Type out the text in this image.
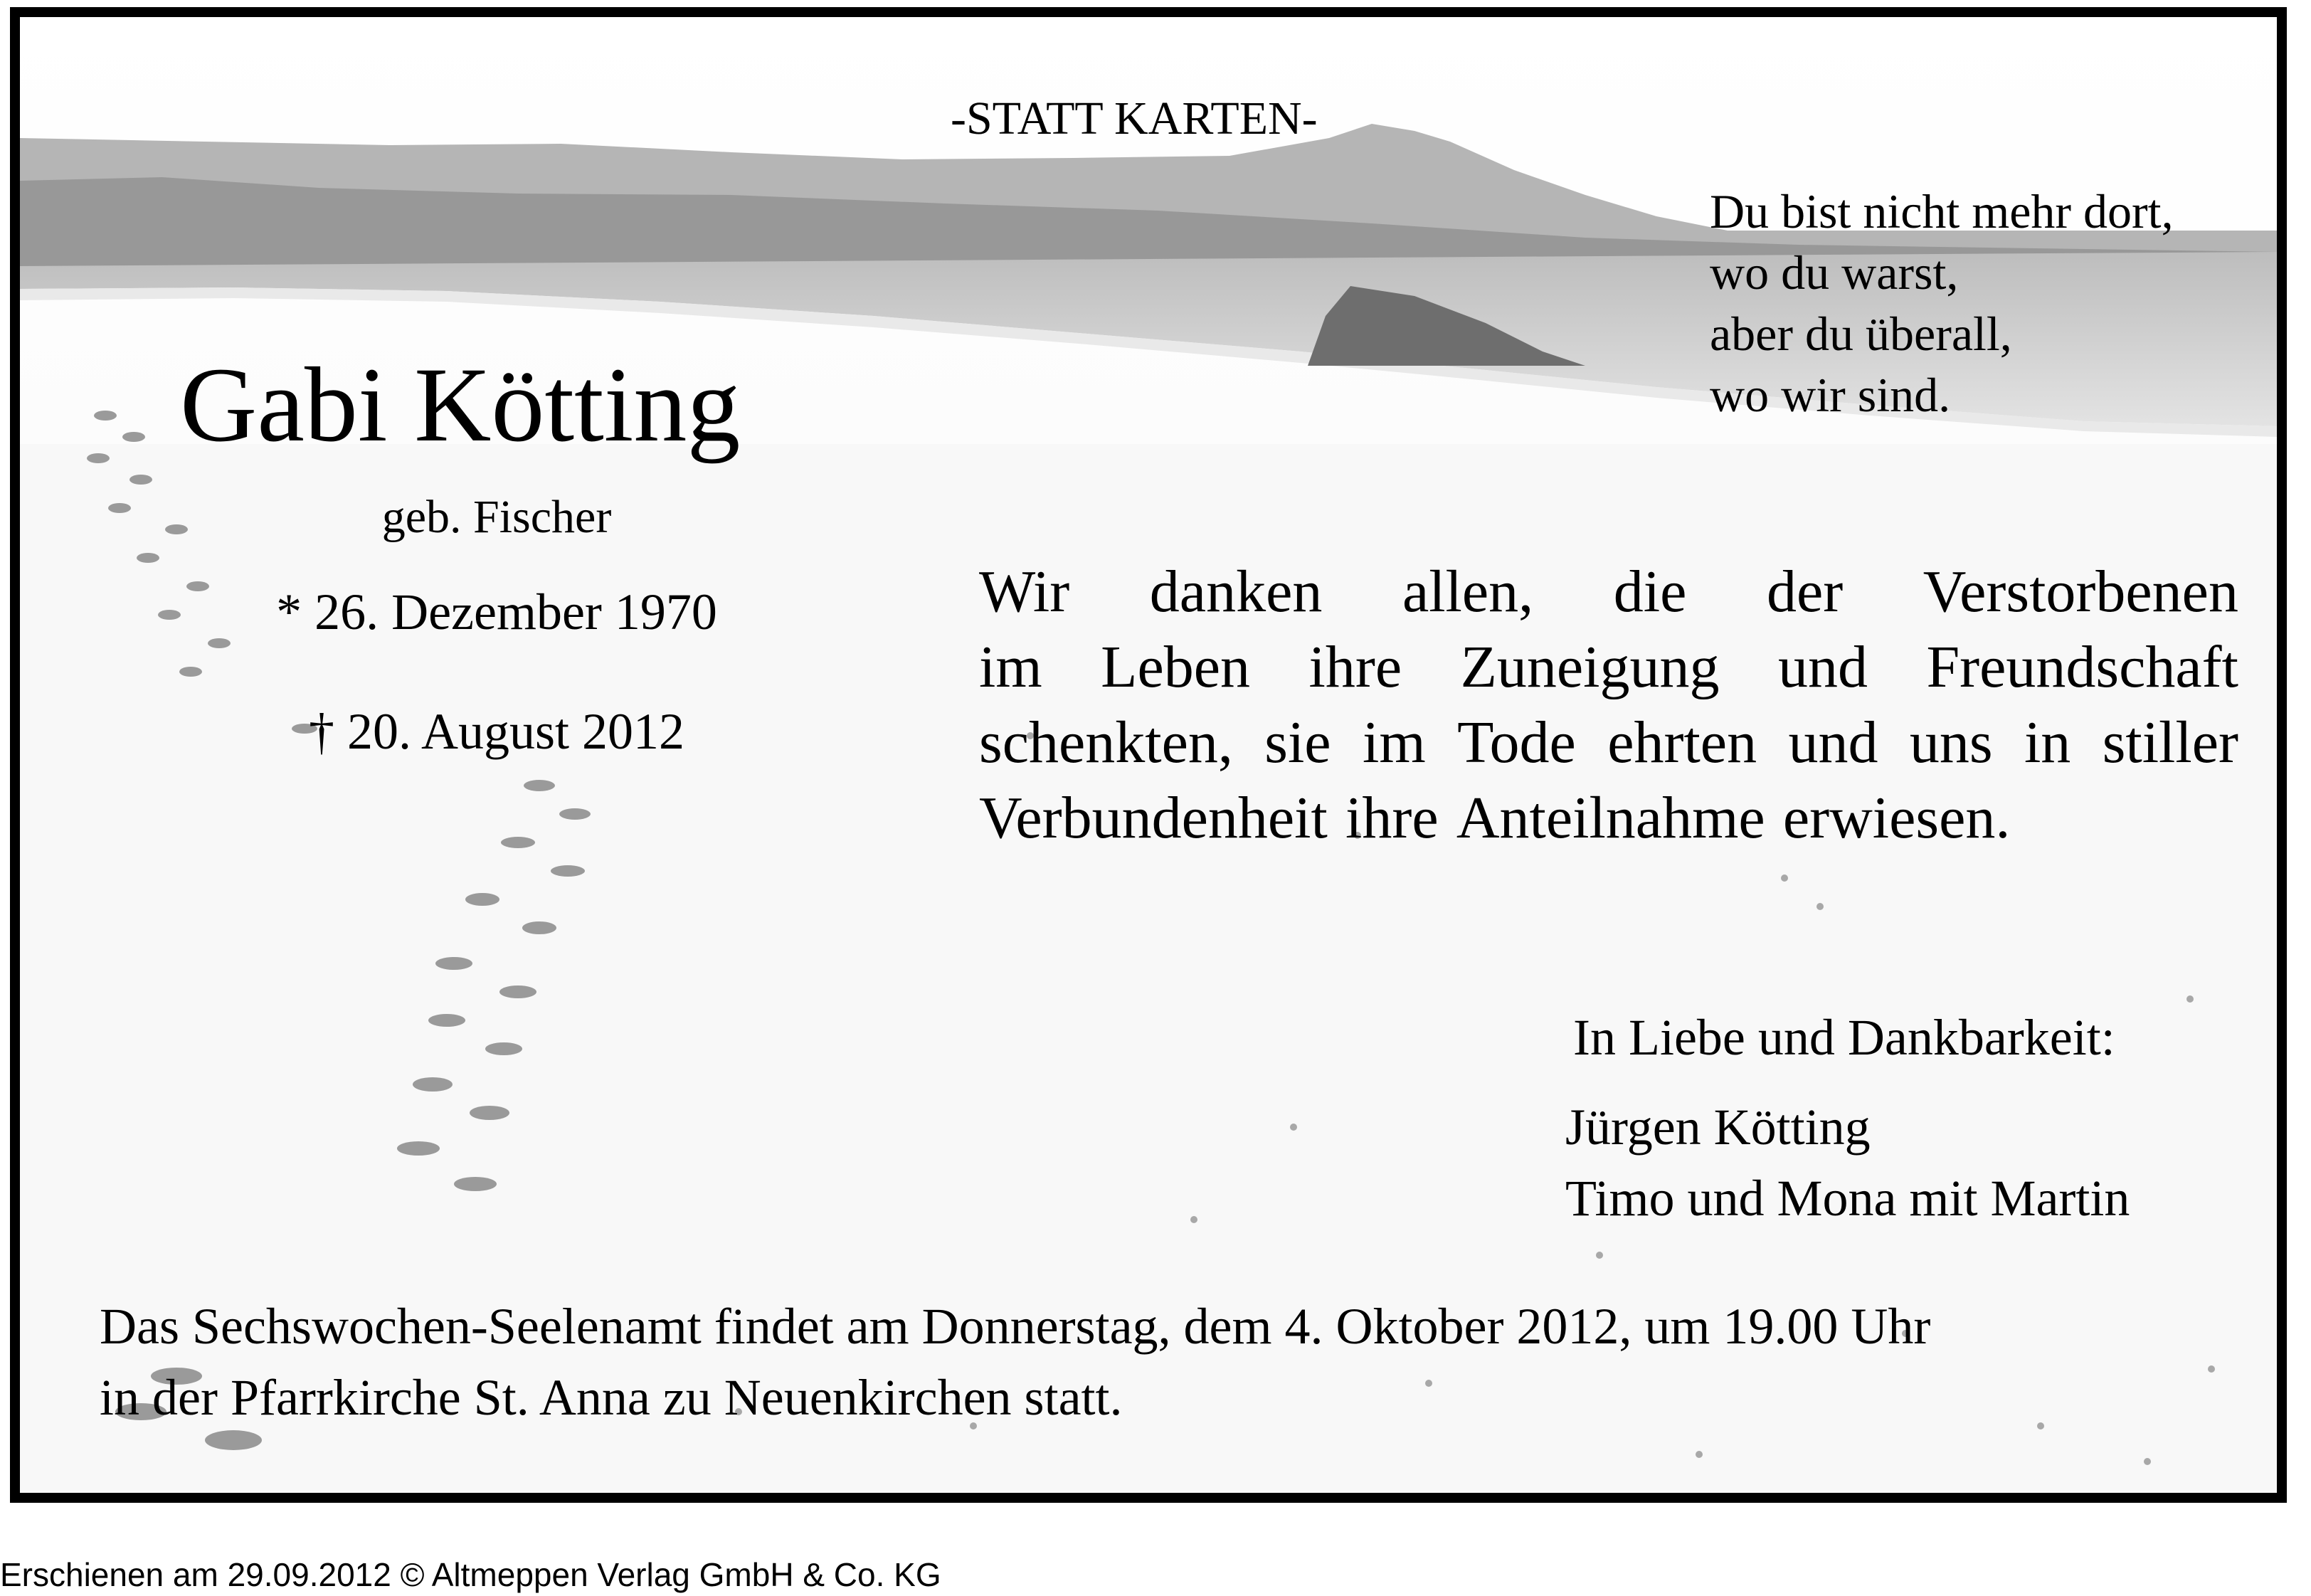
-STATT KARTEN-
Gabi Kötting
geb. Fischer
* 26. Dezember 1970
† 20. August 2012
Du bist nicht mehr dort,
wo du warst,
aber du überall,
wo wir sind.
Wir danken allen, die der Verstorbenen
im Leben ihre Zuneigung und Freundschaft
schenkten, sie im Tode ehrten und uns in stiller
Verbundenheit ihre Anteilnahme erwiesen.
In Liebe und Dankbarkeit:
Jürgen Kötting
Timo und Mona mit Martin
Das Sechswochen-Seelenamt findet am Donnerstag, dem 4. Oktober 2012, um 19.00 Uhr
in der Pfarrkirche St. Anna zu Neuenkirchen statt.
Erschienen am 29.09.2012 © Altmeppen Verlag GmbH & Co. KG
